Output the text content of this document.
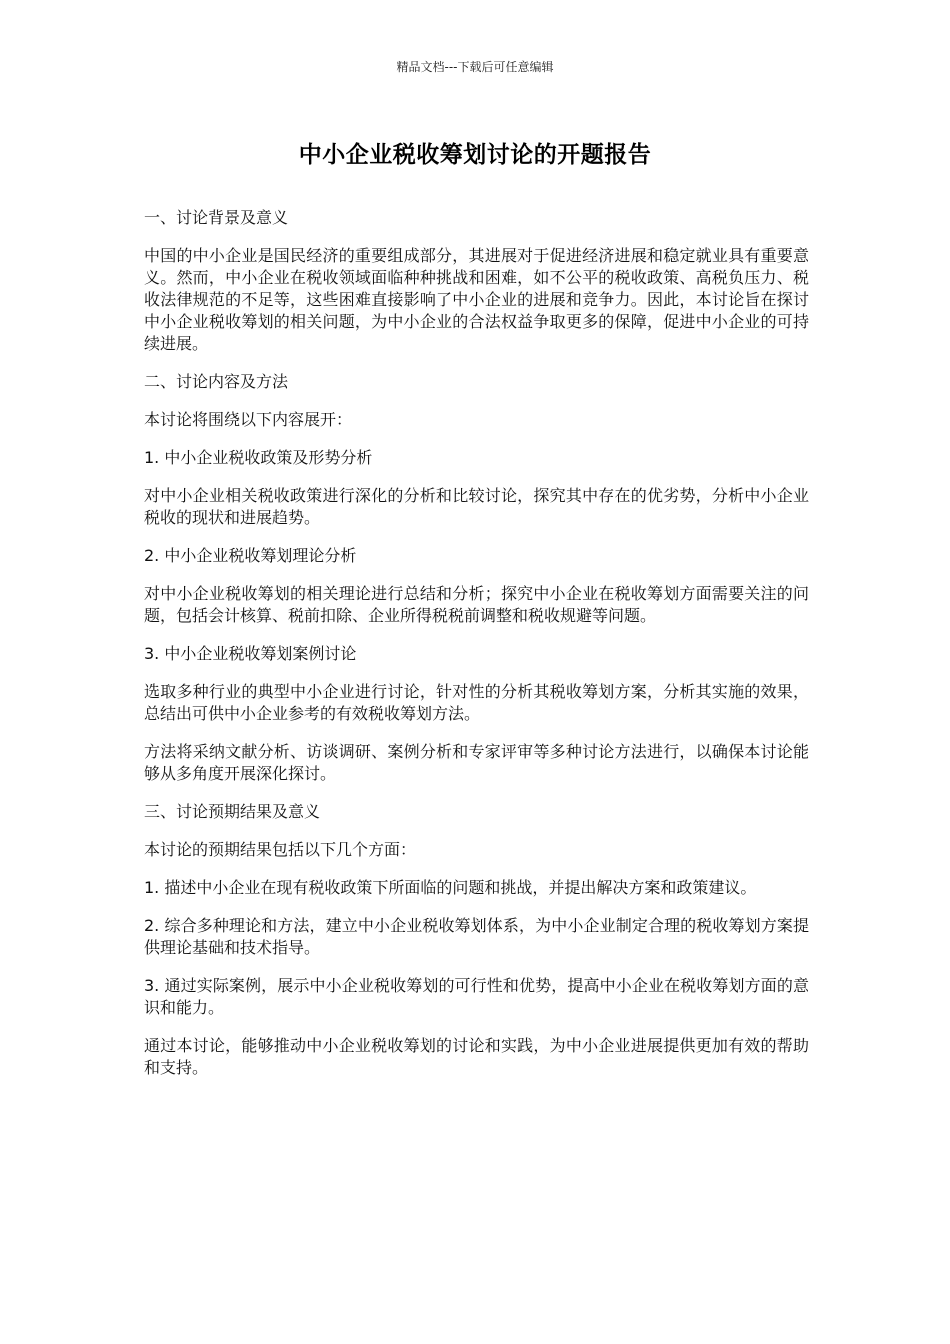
精品文档---下载后可任意编辑
中小企业税收筹划讨论的开题报告

一、讨论背景及意义

中国的中小企业是国民经济的重要组成部分，其进展对于促进经济进展和稳定就业具有重要意义。然而，中小企业在税收领域面临种种挑战和困难，如不公平的税收政策、高税负压力、税收法律规范的不足等，这些困难直接影响了中小企业的进展和竞争力。因此，本讨论旨在探讨中小企业税收筹划的相关问题，为中小企业的合法权益争取更多的保障，促进中小企业的可持续进展。

二、讨论内容及方法

本讨论将围绕以下内容展开：

1. 中小企业税收政策及形势分析

对中小企业相关税收政策进行深化的分析和比较讨论，探究其中存在的优劣势，分析中小企业税收的现状和进展趋势。

2. 中小企业税收筹划理论分析

对中小企业税收筹划的相关理论进行总结和分析；探究中小企业在税收筹划方面需要关注的问题，包括会计核算、税前扣除、企业所得税税前调整和税收规避等问题。

3. 中小企业税收筹划案例讨论

选取多种行业的典型中小企业进行讨论，针对性的分析其税收筹划方案，分析其实施的效果，总结出可供中小企业参考的有效税收筹划方法。

方法将采纳文献分析、访谈调研、案例分析和专家评审等多种讨论方法进行，以确保本讨论能够从多角度开展深化探讨。

三、讨论预期结果及意义

本讨论的预期结果包括以下几个方面：

1. 描述中小企业在现有税收政策下所面临的问题和挑战，并提出解决方案和政策建议。

2. 综合多种理论和方法，建立中小企业税收筹划体系，为中小企业制定合理的税收筹划方案提供理论基础和技术指导。

3. 通过实际案例，展示中小企业税收筹划的可行性和优势，提高中小企业在税收筹划方面的意识和能力。

通过本讨论，能够推动中小企业税收筹划的讨论和实践，为中小企业进展提供更加有效的帮助和支持。
